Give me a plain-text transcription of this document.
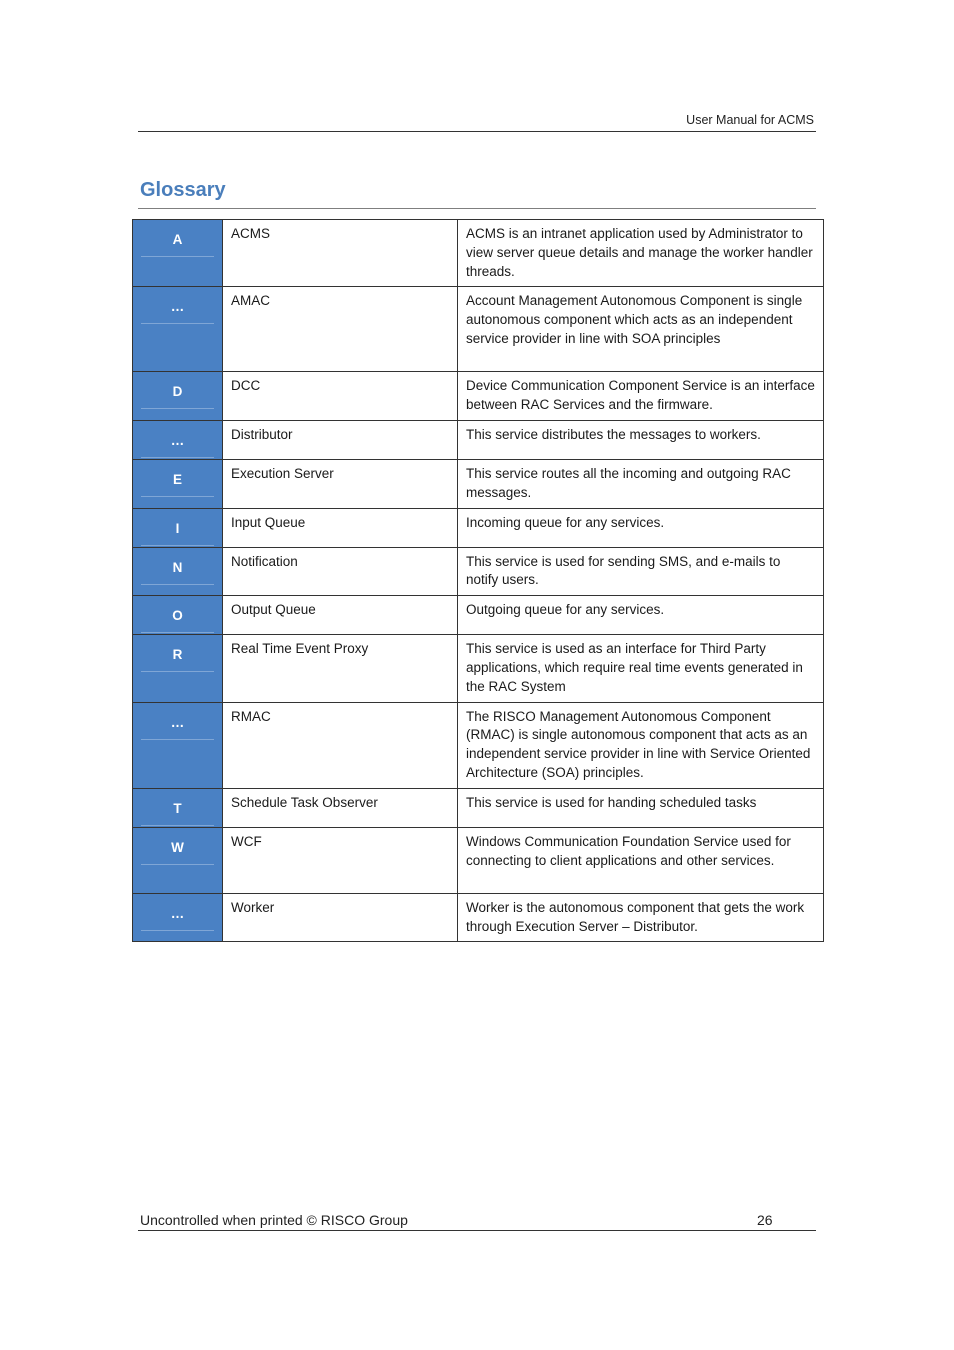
User Manual for ACMS
Glossary
A	ACMS	ACMS is an intranet application used by Administrator to view server queue details and manage the worker handler threads.

…	AMAC	Account Management Autonomous Component is single autonomous component which acts as an independent service provider in line with SOA principles

D	DCC	Device Communication Component Service is an interface between RAC Services and the firmware.

…	Distributor	This service distributes the messages to workers.

E	Execution Server	This service routes all the incoming and outgoing RAC messages.

I	Input Queue	Incoming queue for any services.

N	Notification	This service is used for sending SMS, and e-mails to notify users.

O	Output Queue	Outgoing queue for any services.

R	Real Time Event Proxy	This service is used as an interface for Third Party applications, which require real time events generated in the RAC System

…	RMAC	The RISCO Management Autonomous Component (RMAC) is single autonomous component that acts as an independent service provider in line with Service Oriented Architecture (SOA) principles.

T	Schedule Task Observer	This service is used for handing scheduled tasks

W	WCF	Windows Communication Foundation Service used for connecting to client applications and other services.

…	Worker	Worker is the autonomous component that gets the work through Execution Server – Distributor.
Uncontrolled when printed © RISCO Group	26
